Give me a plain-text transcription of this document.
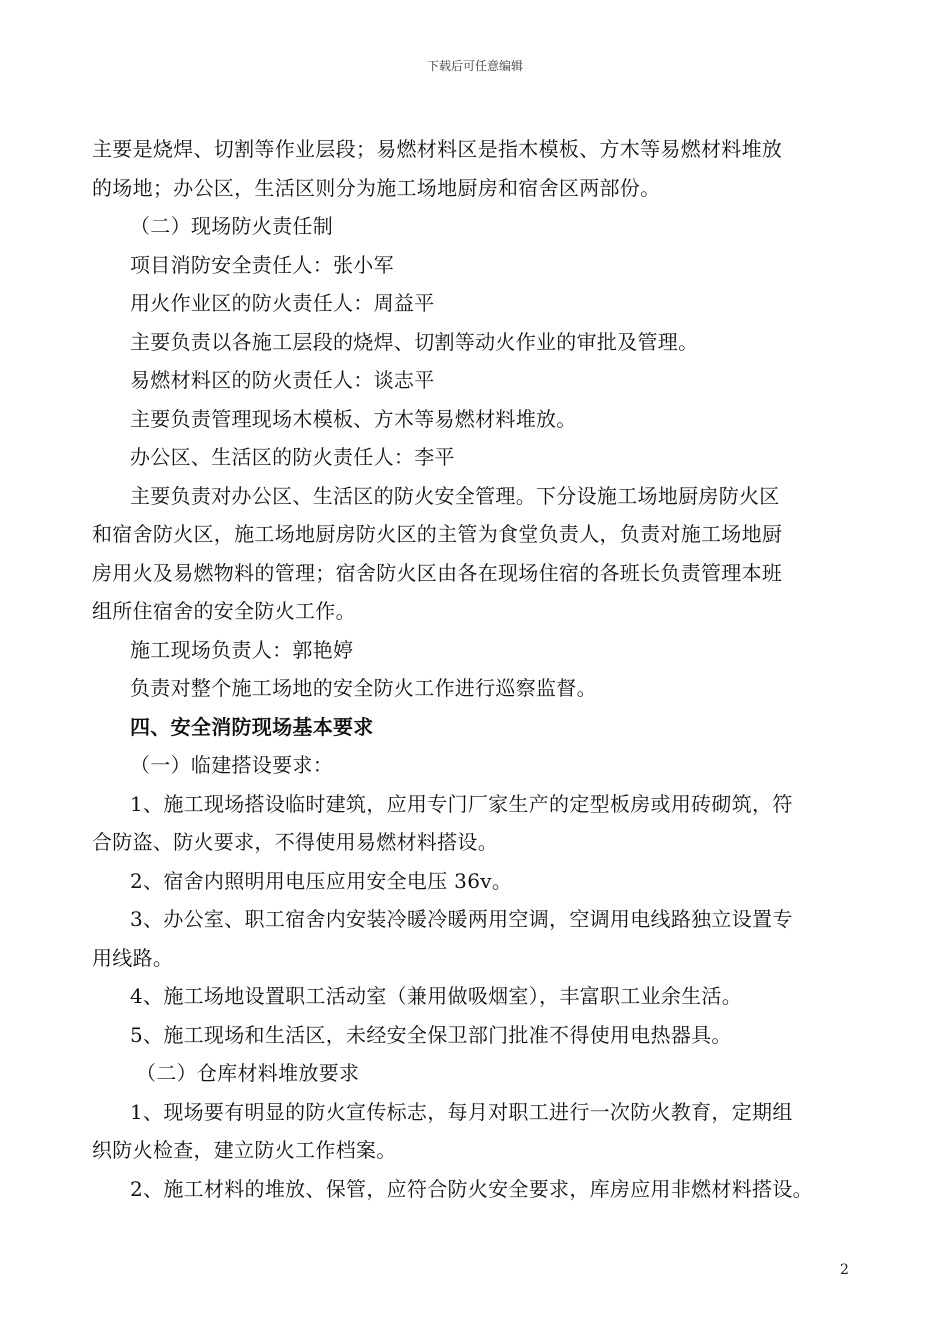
下载后可任意编辑
主要是烧焊、切割等作业层段；易燃材料区是指木模板、方木等易燃材料堆放
的场地；办公区，生活区则分为施工场地厨房和宿舍区两部份。
（二）现场防火责任制
项目消防安全责任人：张小军
用火作业区的防火责任人：周益平
主要负责以各施工层段的烧焊、切割等动火作业的审批及管理。
易燃材料区的防火责任人：谈志平
主要负责管理现场木模板、方木等易燃材料堆放。
办公区、生活区的防火责任人：李平
主要负责对办公区、生活区的防火安全管理。下分设施工场地厨房防火区
和宿舍防火区，施工场地厨房防火区的主管为食堂负责人，负责对施工场地厨
房用火及易燃物料的管理；宿舍防火区由各在现场住宿的各班长负责管理本班
组所住宿舍的安全防火工作。
施工现场负责人：郭艳婷
负责对整个施工场地的安全防火工作进行巡察监督。
四、安全消防现场基本要求
（一）临建搭设要求：
1、施工现场搭设临时建筑，应用专门厂家生产的定型板房或用砖砌筑，符
合防盗、防火要求，不得使用易燃材料搭设。
2、宿舍内照明用电压应用安全电压 36v。
3、办公室、职工宿舍内安装冷暖冷暖两用空调，空调用电线路独立设置专
用线路。
4、施工场地设置职工活动室（兼用做吸烟室），丰富职工业余生活。
5、施工现场和生活区，未经安全保卫部门批准不得使用电热器具。
（二）仓库材料堆放要求
1、现场要有明显的防火宣传标志，每月对职工进行一次防火教育，定期组
织防火检查，建立防火工作档案。
2、施工材料的堆放、保管，应符合防火安全要求，库房应用非燃材料搭设。
2
